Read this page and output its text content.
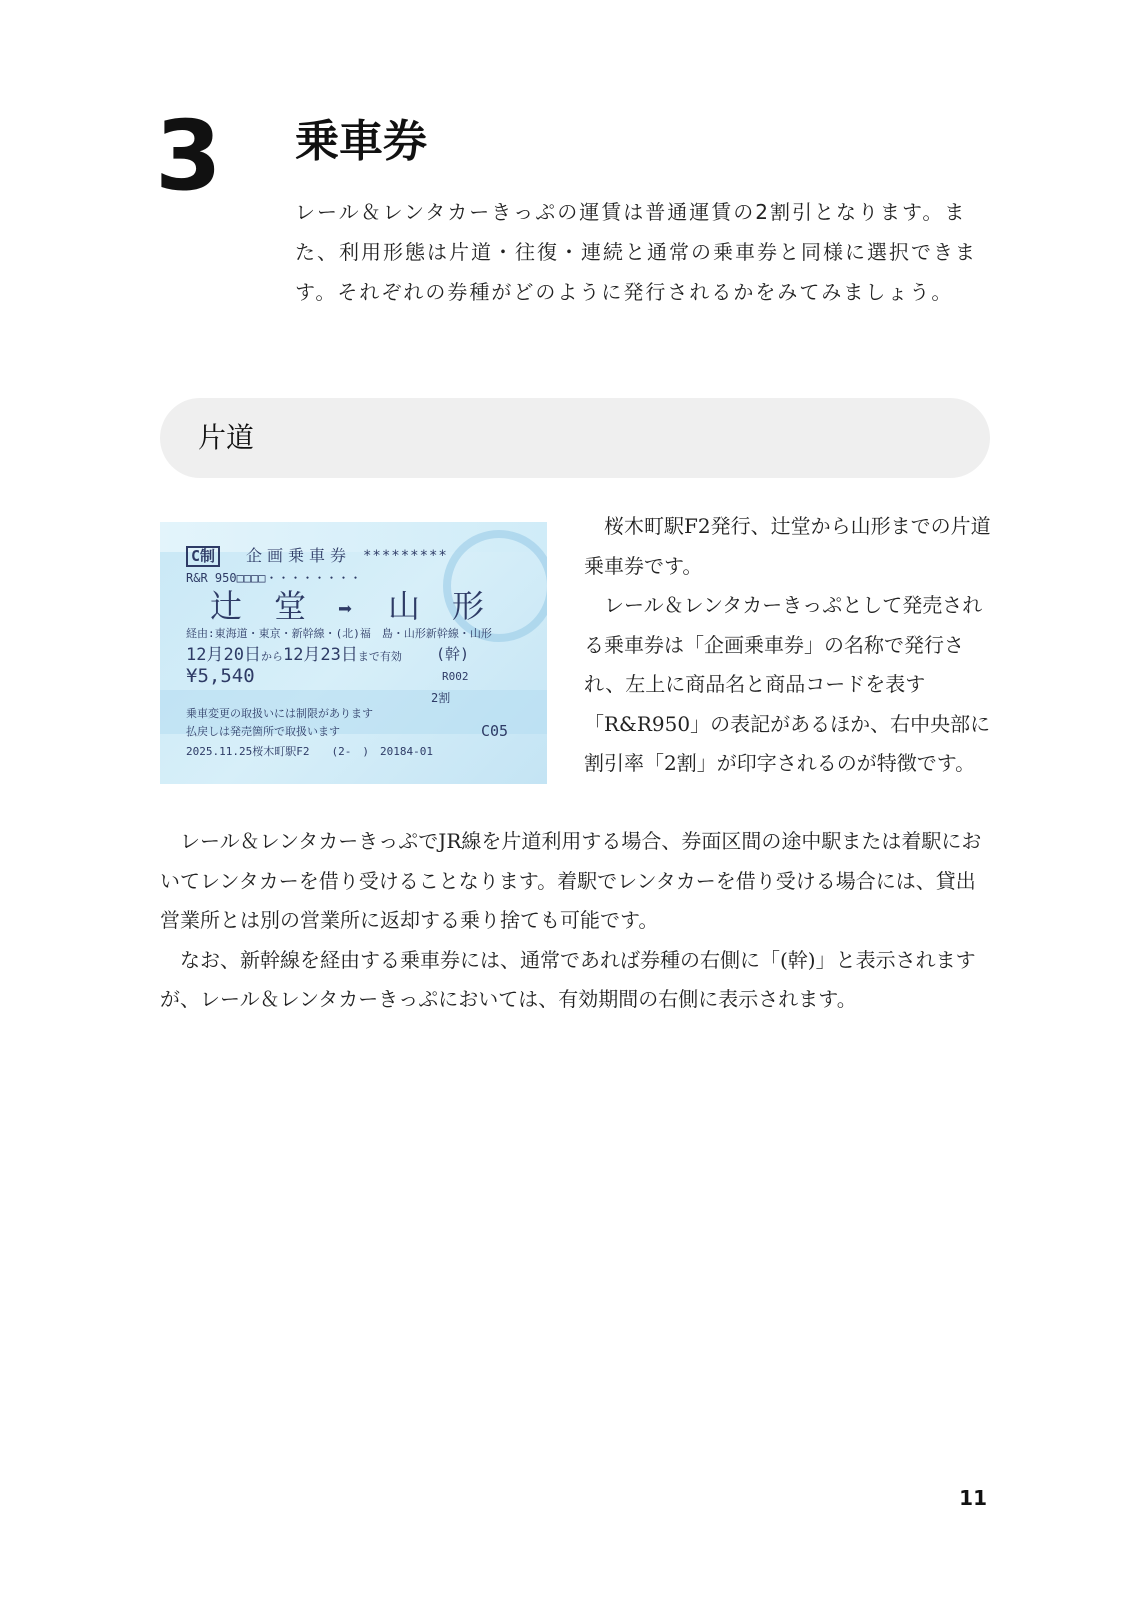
3 乗車券

レール＆レンタカーきっぷの運賃は普通運賃の2割引となります。また、利用形態は片道・往復・連続と通常の乗車券と同様に選択できます。それぞれの券種がどのように発行されるかをみてみましょう。

片道
C制	企画乗車券 *********
R&R 950□□□□・・・・・・・・
辻堂 ➡ 山形
経由:東海道・東京・新幹線・(北)福　島・山形新幹線・山形
12月20日から12月23日まで有効 (幹)
¥5,540	R002
2割
乗車変更の取扱いには制限があります
払戻しは発売箇所で取扱います	C05
2025.11.25桜木町駅F2　　(2-　)　20184-01

桜木町駅F2発行、辻堂から山形までの片道乗車券です。

レール＆レンタカーきっぷとして発売される乗車券は「企画乗車券」の名称で発行され、左上に商品名と商品コードを表す「R&R950」の表記があるほか、右中央部に割引率「2割」が印字されるのが特徴です。

レール＆レンタカーきっぷでJR線を片道利用する場合、券面区間の途中駅または着駅においてレンタカーを借り受けることなります。着駅でレンタカーを借り受ける場合には、貸出営業所とは別の営業所に返却する乗り捨ても可能です。

なお、新幹線を経由する乗車券には、通常であれば券種の右側に「(幹)」と表示されますが、レール＆レンタカーきっぷにおいては、有効期間の右側に表示されます。

11
